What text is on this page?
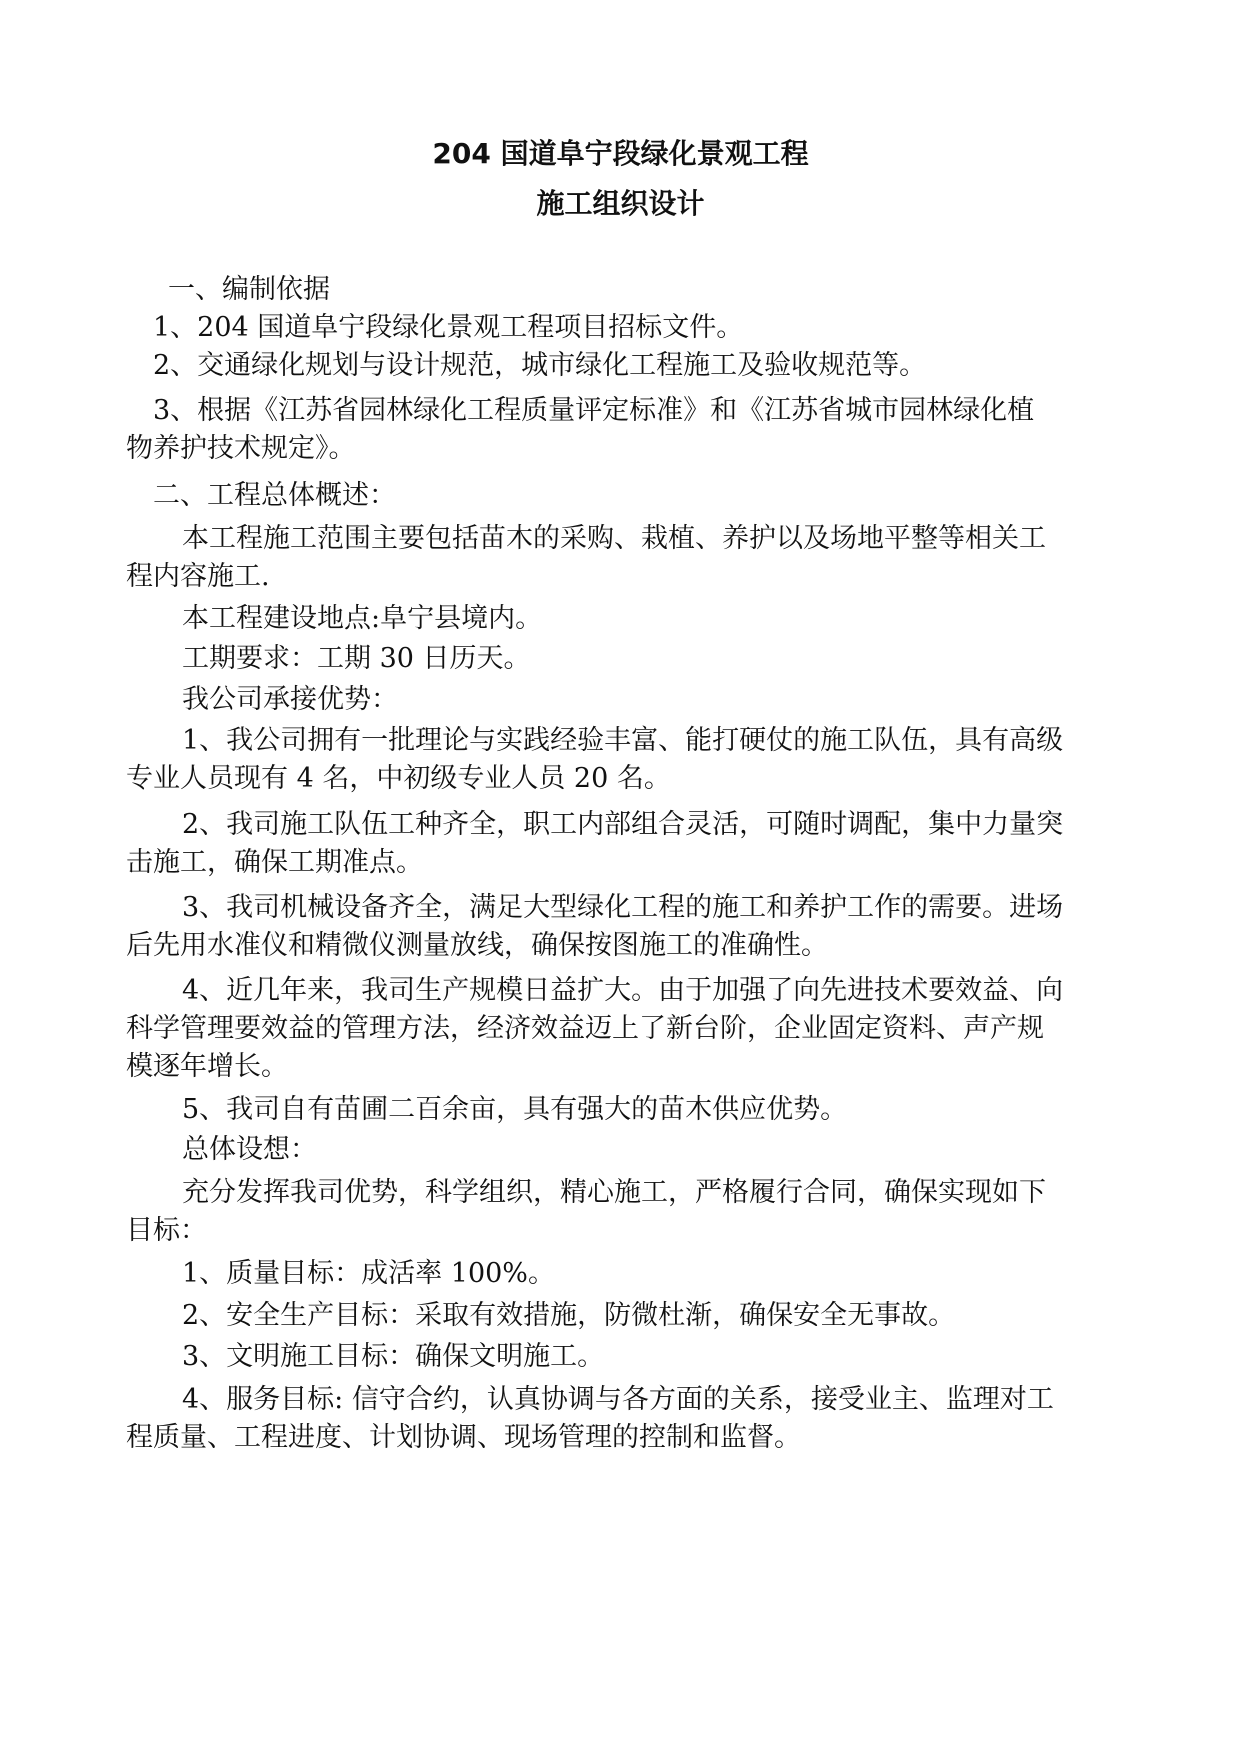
204 国道阜宁段绿化景观工程
施工组织设计
一、编制依据
1、204 国道阜宁段绿化景观工程项目招标文件。
2、交通绿化规划与设计规范，城市绿化工程施工及验收规范等。
3、根据《江苏省园林绿化工程质量评定标准》和《江苏省城市园林绿化植
物养护技术规定》。
二、工程总体概述：
本工程施工范围主要包括苗木的采购、栽植、养护以及场地平整等相关工
程内容施工.
本工程建设地点:阜宁县境内。
工期要求：工期 30 日历天。
我公司承接优势：
1、我公司拥有一批理论与实践经验丰富、能打硬仗的施工队伍，具有高级
专业人员现有 4 名，中初级专业人员 20 名。
2、我司施工队伍工种齐全，职工内部组合灵活，可随时调配，集中力量突
击施工，确保工期准点。
3、我司机械设备齐全，满足大型绿化工程的施工和养护工作的需要。进场
后先用水准仪和精微仪测量放线，确保按图施工的准确性。
4、近几年来，我司生产规模日益扩大。由于加强了向先进技术要效益、向
科学管理要效益的管理方法，经济效益迈上了新台阶，企业固定资料、声产规
模逐年增长。
5、我司自有苗圃二百余亩，具有强大的苗木供应优势。
总体设想：
充分发挥我司优势，科学组织，精心施工，严格履行合同，确保实现如下
目标：
1、质量目标：成活率 100%。
2、安全生产目标：采取有效措施，防微杜渐，确保安全无事故。
3、文明施工目标：确保文明施工。
4、服务目标: 信守合约，认真协调与各方面的关系，接受业主、监理对工
程质量、工程进度、计划协调、现场管理的控制和监督。
